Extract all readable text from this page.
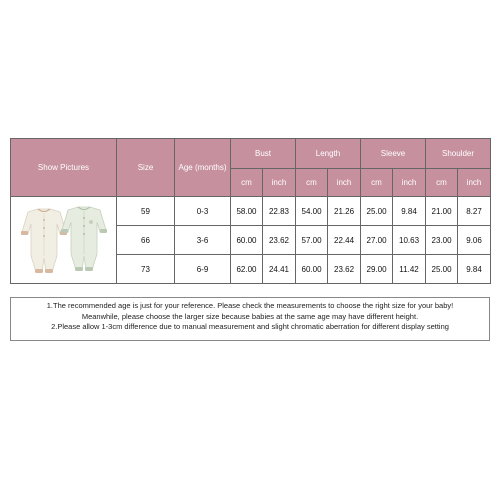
Show Pictures	Size	Age (months)	Bust		Length		Sleeve		Shoulder	
			cm	inch	cm	inch	cm	inch	cm	inch

	59	0-3	58.00	22.83	54.00	21.26	25.00	9.84	21.00	8.27
	66	3-6	60.00	23.62	57.00	22.44	27.00	10.63	23.00	9.06
	73	6-9	62.00	24.41	60.00	23.62	29.00	11.42	25.00	9.84
1.The recommended age is just for your reference. Please check the measurements to choose the right size for your baby!
Meanwhile, please choose the larger size because babies at the same age may have different height.
2.Please allow 1-3cm difference due to manual measurement and slight chromatic aberration for different display setting
